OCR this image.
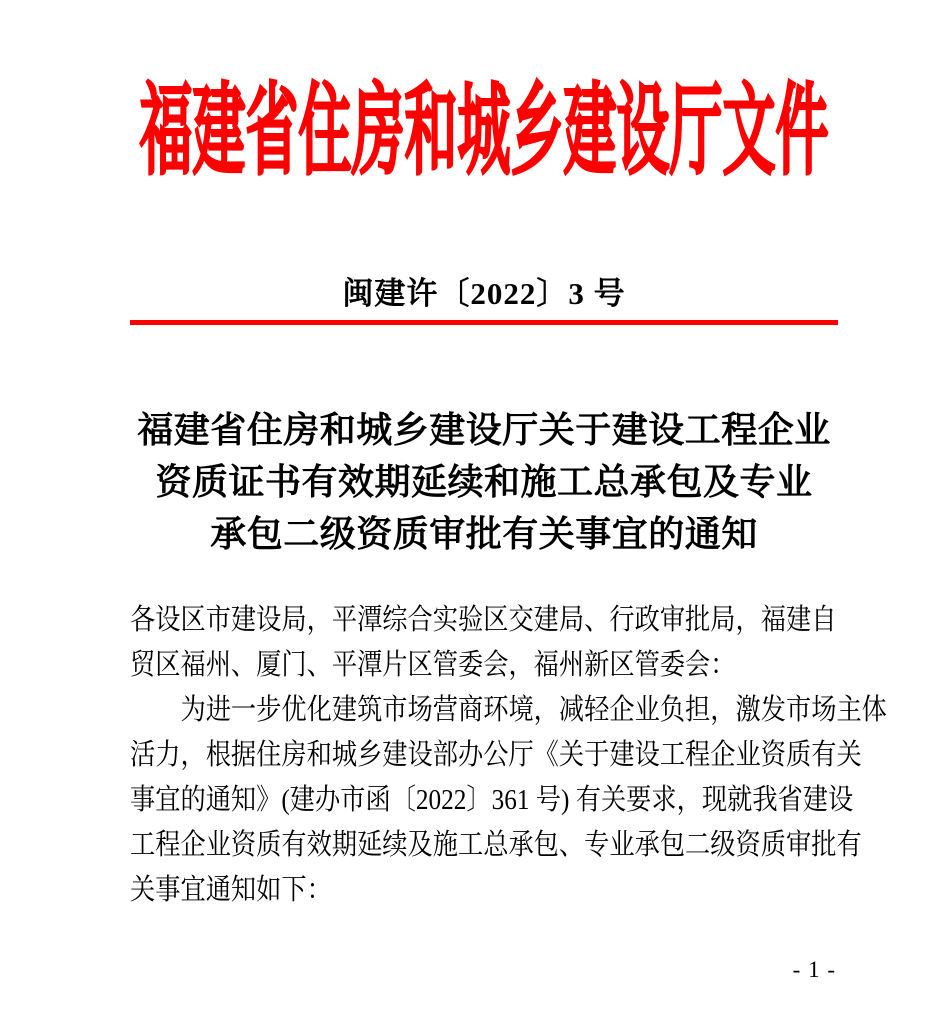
福建省住房和城乡建设厅文件
闽建许〔2022〕3 号
福建省住房和城乡建设厅关于建设工程企业
资质证书有效期延续和施工总承包及专业
承包二级资质审批有关事宜的通知
各设区市建设局，平潭综合实验区交建局、行政审批局，福建自
贸区福州、厦门、平潭片区管委会，福州新区管委会：
　　为进一步优化建筑市场营商环境，减轻企业负担，激发市场主体
活力，根据住房和城乡建设部办公厅《关于建设工程企业资质有关
事宜的通知》(建办市函〔2022〕361 号) 有关要求，现就我省建设
工程企业资质有效期延续及施工总承包、专业承包二级资质审批有
关事宜通知如下：
- 1 -
